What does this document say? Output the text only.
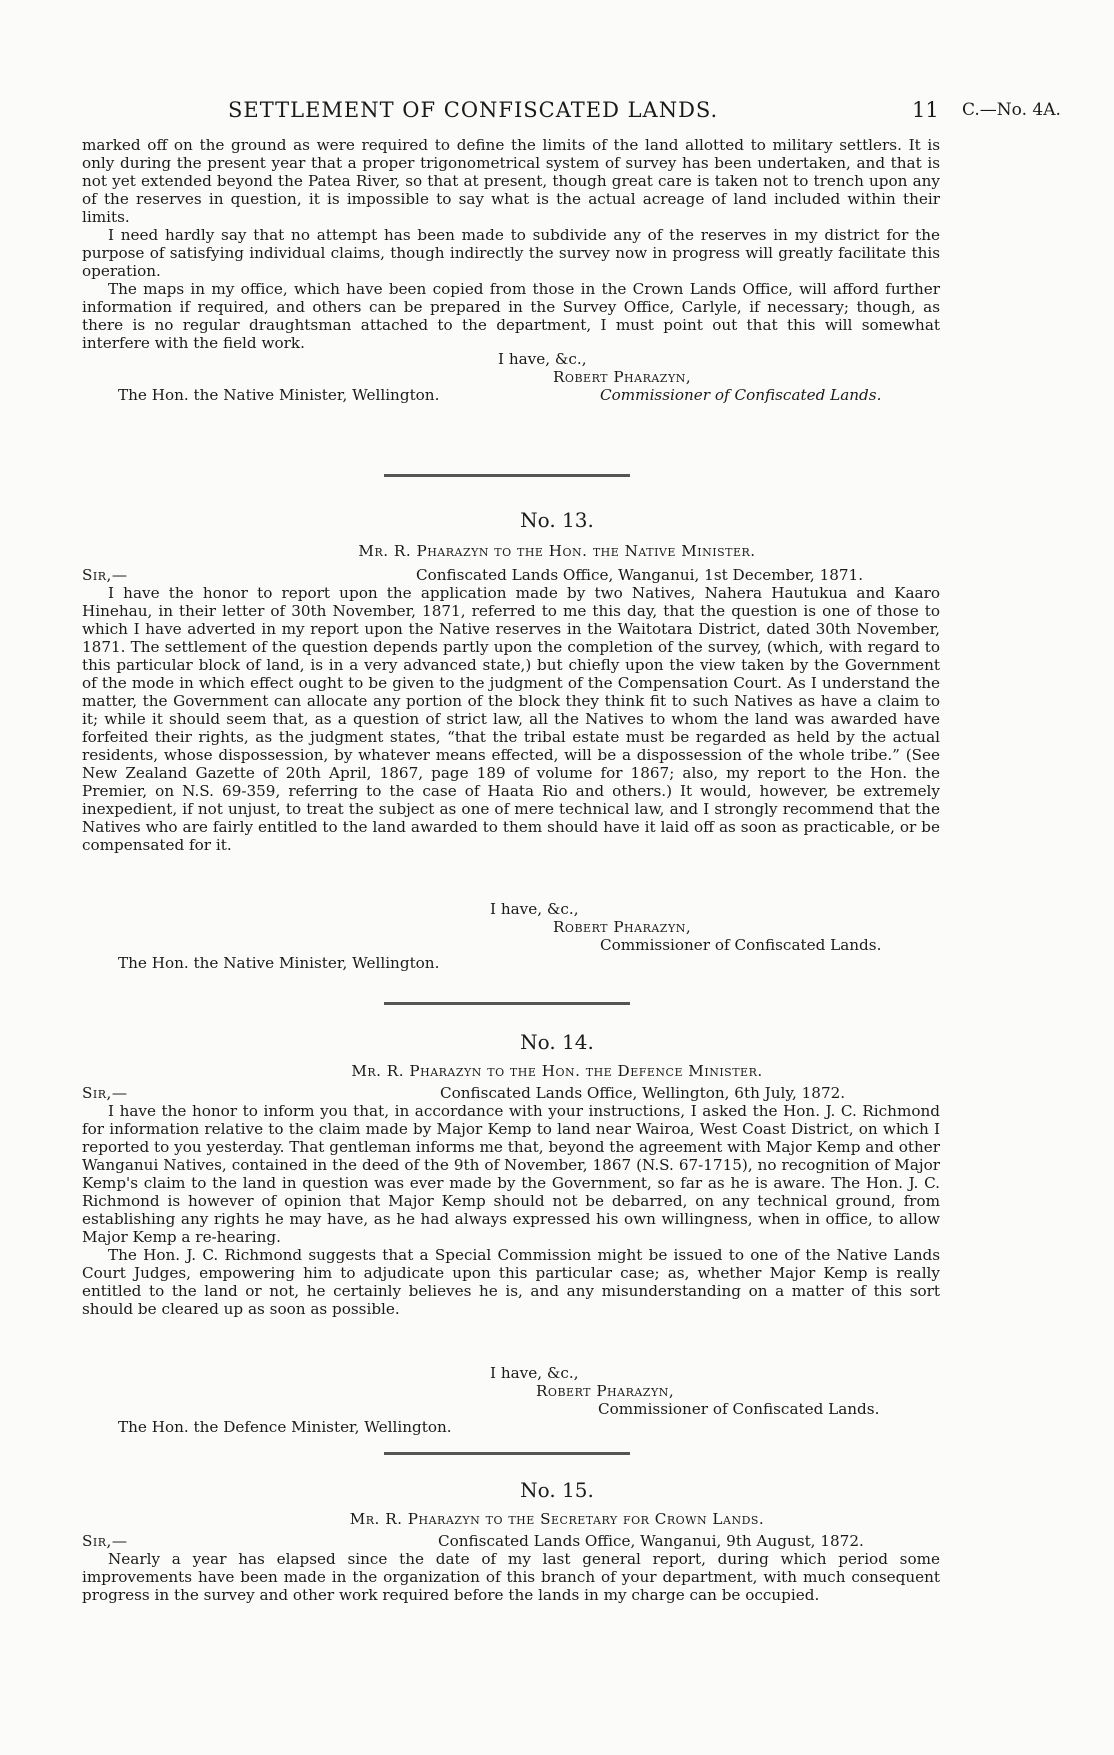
SETTLEMENT OF CONFISCATED LANDS.	11 C.—No. 4A.

marked off on the ground as were required to define the limits of the land allotted to military settlers. It is only during the present year that a proper trigonometrical system of survey has been undertaken, and that is not yet extended beyond the Patea River, so that at present, though great care is taken not to trench upon any of the reserves in question, it is impossible to say what is the actual acreage of land included within their limits.

I need hardly say that no attempt has been made to subdivide any of the reserves in my district for the purpose of satisfying individual claims, though indirectly the survey now in progress will greatly facilitate this operation.

The maps in my office, which have been copied from those in the Crown Lands Office, will afford further information if required, and others can be prepared in the Survey Office, Carlyle, if necessary; though, as there is no regular draughtsman attached to the department, I must point out that this will somewhat interfere with the field work.

I have, &c.,
Robert Pharazyn,
Commissioner of Confiscated Lands.
The Hon. the Native Minister, Wellington.
No. 13.
Mr. R. Pharazyn to the Hon. the Native Minister.
Sir,—	Confiscated Lands Office, Wanganui, 1st December, 1871.

I have the honor to report upon the application made by two Natives, Nahera Hautukua and Kaaro Hinehau, in their letter of 30th November, 1871, referred to me this day, that the question is one of those to which I have adverted in my report upon the Native reserves in the Waitotara District, dated 30th November, 1871. The settlement of the question depends partly upon the completion of the survey, (which, with regard to this particular block of land, is in a very advanced state,) but chiefly upon the view taken by the Government of the mode in which effect ought to be given to the judgment of the Compensation Court. As I understand the matter, the Government can allocate any portion of the block they think fit to such Natives as have a claim to it; while it should seem that, as a question of strict law, all the Natives to whom the land was awarded have forfeited their rights, as the judgment states, “that the tribal estate must be regarded as held by the actual residents, whose dispossession, by whatever means effected, will be a dispossession of the whole tribe.” (See New Zealand Gazette of 20th April, 1867, page 189 of volume for 1867; also, my report to the Hon. the Premier, on N.S. 69-359, referring to the case of Haata Rio and others.) It would, however, be extremely inexpedient, if not unjust, to treat the subject as one of mere technical law, and I strongly recommend that the Natives who are fairly entitled to the land awarded to them should have it laid off as soon as practicable, or be compensated for it.

I have, &c.,
Robert Pharazyn,
Commissioner of Confiscated Lands.
The Hon. the Native Minister, Wellington.
No. 14.
Mr. R. Pharazyn to the Hon. the Defence Minister.
Sir,—	Confiscated Lands Office, Wellington, 6th July, 1872.

I have the honor to inform you that, in accordance with your instructions, I asked the Hon. J. C. Richmond for information relative to the claim made by Major Kemp to land near Wairoa, West Coast District, on which I reported to you yesterday. That gentleman informs me that, beyond the agreement with Major Kemp and other Wanganui Natives, contained in the deed of the 9th of November, 1867 (N.S. 67-1715), no recognition of Major Kemp's claim to the land in question was ever made by the Government, so far as he is aware. The Hon. J. C. Richmond is however of opinion that Major Kemp should not be debarred, on any technical ground, from establishing any rights he may have, as he had always expressed his own willingness, when in office, to allow Major Kemp a re-hearing.

The Hon. J. C. Richmond suggests that a Special Commission might be issued to one of the Native Lands Court Judges, empowering him to adjudicate upon this particular case; as, whether Major Kemp is really entitled to the land or not, he certainly believes he is, and any misunderstanding on a matter of this sort should be cleared up as soon as possible.

I have, &c.,
Robert Pharazyn,
Commissioner of Confiscated Lands.
The Hon. the Defence Minister, Wellington.
No. 15.
Mr. R. Pharazyn to the Secretary for Crown Lands.
Sir,—	Confiscated Lands Office, Wanganui, 9th August, 1872.

Nearly a year has elapsed since the date of my last general report, during which period some improvements have been made in the organization of this branch of your department, with much consequent progress in the survey and other work required before the lands in my charge can be occupied.
